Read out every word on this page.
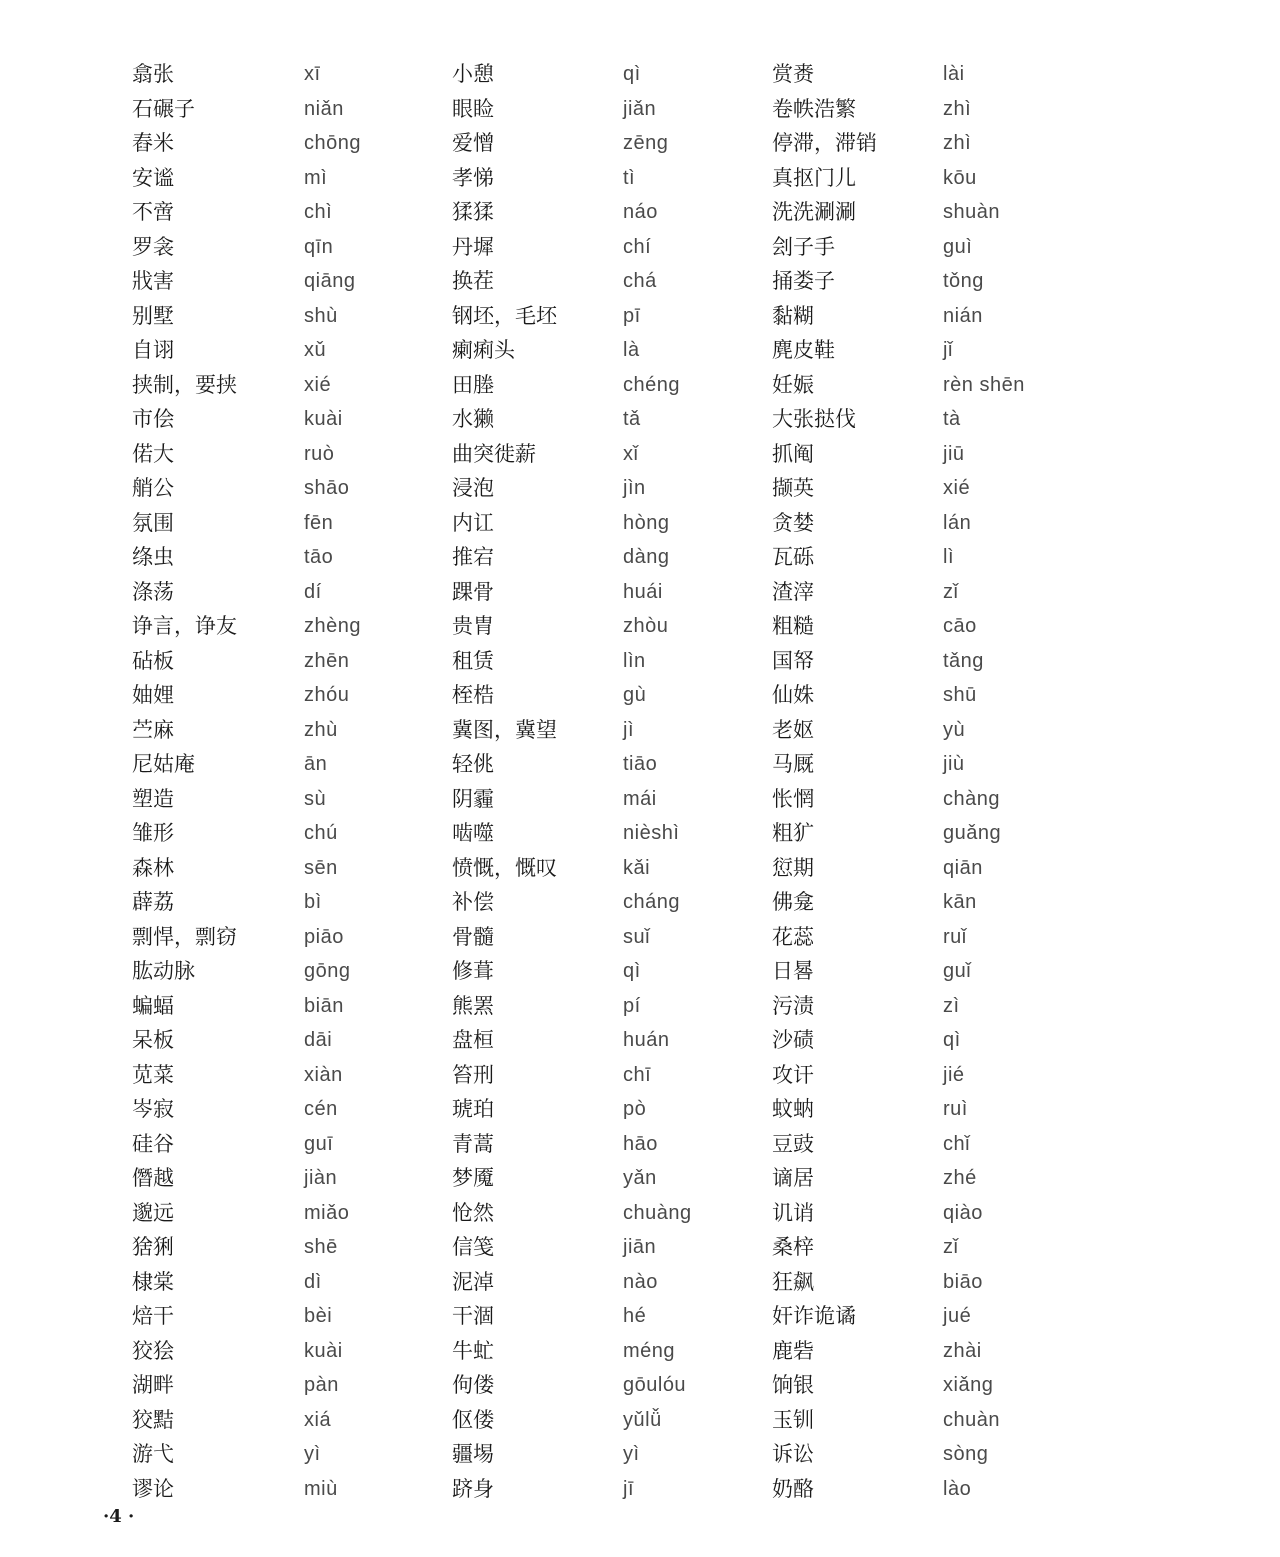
翕张	xī	小憩	qì	赏赉	lài
石碾子	niǎn	眼睑	jiǎn	卷帙浩繁	zhì
舂米	chōng	爱憎	zēng	停滞，滞销	zhì
安谧	mì	孝悌	tì	真抠门儿	kōu
不啻	chì	猱猱	náo	洗洗涮涮	shuàn
罗衾	qīn	丹墀	chí	刽子手	guì
戕害	qiāng	换茬	chá	捅娄子	tǒng
别墅	shù	钢坯，毛坯	pī	黏糊	nián
自诩	xǔ	瘌痢头	là	麂皮鞋	jǐ
挟制，要挟	xié	田塍	chéng	妊娠	rèn shēn
市侩	kuài	水獭	tǎ	大张挞伐	tà
偌大	ruò	曲突徙薪	xǐ	抓阄	jiū
艄公	shāo	浸泡	jìn	撷英	xié
氛围	fēn	内讧	hòng	贪婪	lán
绦虫	tāo	推宕	dàng	瓦砾	lì
涤荡	dí	踝骨	huái	渣滓	zǐ
诤言，诤友	zhèng	贵胄	zhòu	粗糙	cāo
砧板	zhēn	租赁	lìn	国帑	tǎng
妯娌	zhóu	桎梏	gù	仙姝	shū
苎麻	zhù	冀图，冀望	jì	老妪	yù
尼姑庵	ān	轻佻	tiāo	马厩	jiù
塑造	sù	阴霾	mái	怅惘	chàng
雏形	chú	啮噬	nièshì	粗犷	guǎng
森林	sēn	愤慨，慨叹	kǎi	愆期	qiān
薜荔	bì	补偿	cháng	佛龛	kān
剽悍，剽窃	piāo	骨髓	suǐ	花蕊	ruǐ
肱动脉	gōng	修葺	qì	日晷	guǐ
蝙蝠	biān	熊罴	pí	污渍	zì
呆板	dāi	盘桓	huán	沙碛	qì
苋菜	xiàn	笞刑	chī	攻讦	jié
岑寂	cén	琥珀	pò	蚊蚋	ruì
硅谷	guī	青蒿	hāo	豆豉	chǐ
僭越	jiàn	梦魇	yǎn	谪居	zhé
邈远	miǎo	怆然	chuàng	讥诮	qiào
猞猁	shē	信笺	jiān	桑梓	zǐ
棣棠	dì	泥淖	nào	狂飙	biāo
焙干	bèi	干涸	hé	奸诈诡谲	jué
狡狯	kuài	牛虻	méng	鹿砦	zhài
湖畔	pàn	佝偻	gōulóu	饷银	xiǎng
狡黠	xiá	伛偻	yǔlǚ	玉钏	chuàn
游弋	yì	疆埸	yì	诉讼	sòng
谬论	miù	跻身	jī	奶酪	lào
·4 ·
